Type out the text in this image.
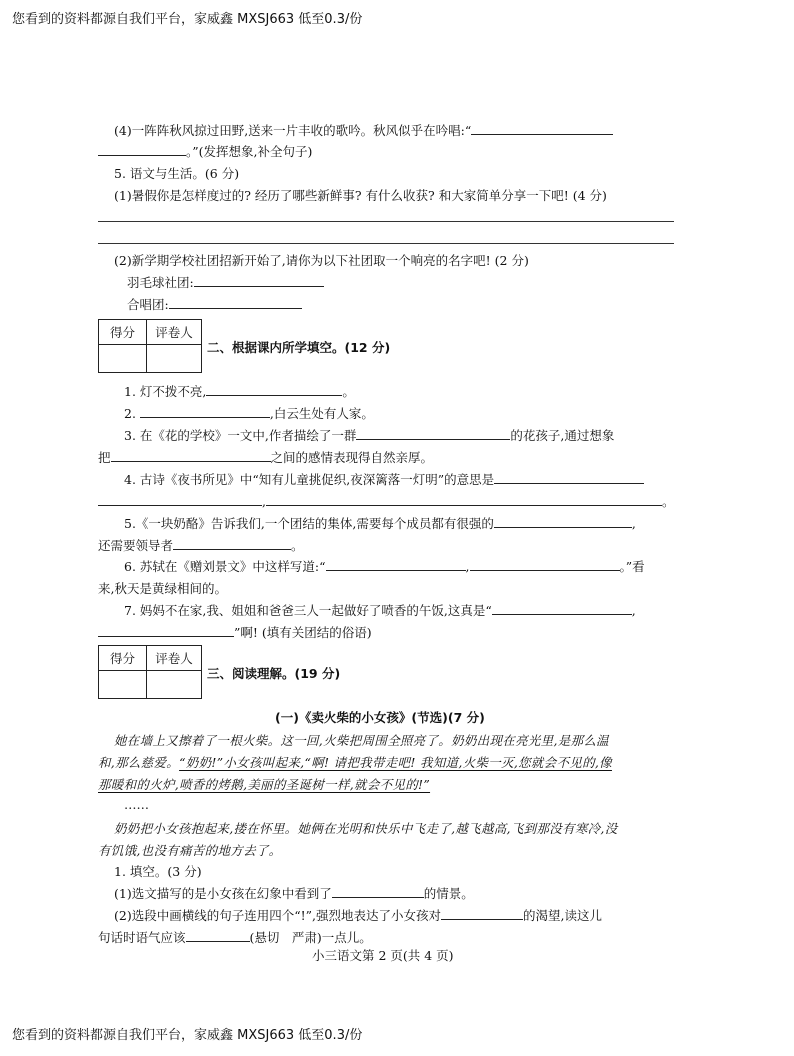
您看到的资料都源自我们平台，家威鑫 MXSJ663 低至0.3/份
您看到的资料都源自我们平台，家威鑫 MXSJ663 低至0.3/份
(4)一阵阵秋风掠过田野,送来一片丰收的歌吟。秋风似乎在吟唱:“
。”(发挥想象,补全句子)
5. 语文与生活。(6 分)
(1)暑假你是怎样度过的? 经历了哪些新鲜事? 有什么收获? 和大家简单分享一下吧! (4 分)
(2)新学期学校社团招新开始了,请你为以下社团取一个响亮的名字吧! (2 分)
羽毛球社团:
合唱团:
得分	评卷人

二、根据课内所学填空。(12 分)
1. 灯不拨不亮,	。
2.	,白云生处有人家。
3. 在《花的学校》一文中,作者描绘了一群	的花孩子,通过想象
把	之间的感情表现得自然亲厚。
4. 古诗《夜书所见》中“知有儿童挑促织,夜深篱落一灯明”的意思是
,	。
5.《一块奶酪》告诉我们,一个团结的集体,需要每个成员都有很强的	,
还需要领导者	。
6. 苏轼在《赠刘景文》中这样写道:“	,	。”看
来,秋天是黄绿相间的。
7. 妈妈不在家,我、姐姐和爸爸三人一起做好了喷香的午饭,这真是“	,
”啊! (填有关团结的俗语)
得分	评卷人

三、阅读理解。(19 分)
(一)《卖火柴的小女孩》(节选)(7 分)
她在墙上又擦着了一根火柴。这一回,火柴把周围全照亮了。奶奶出现在亮光里,是那么温
和,那么慈爱。“奶奶!”小女孩叫起来,“啊! 请把我带走吧! 我知道,火柴一灭,您就会不见的,像
那暖和的火炉,喷香的烤鹅,美丽的圣诞树一样,就会不见的!”
……
奶奶把小女孩抱起来,搂在怀里。她俩在光明和快乐中飞走了,越飞越高,飞到那没有寒冷,没
有饥饿,也没有痛苦的地方去了。
1. 填空。(3 分)
(1)选文描写的是小女孩在幻象中看到了	的情景。
(2)选段中画横线的句子连用四个“!”,强烈地表达了小女孩对	的渴望,读这儿
句话时语气应该	(悬切　严肃)一点儿。
小三语文第 2 页(共 4 页)
